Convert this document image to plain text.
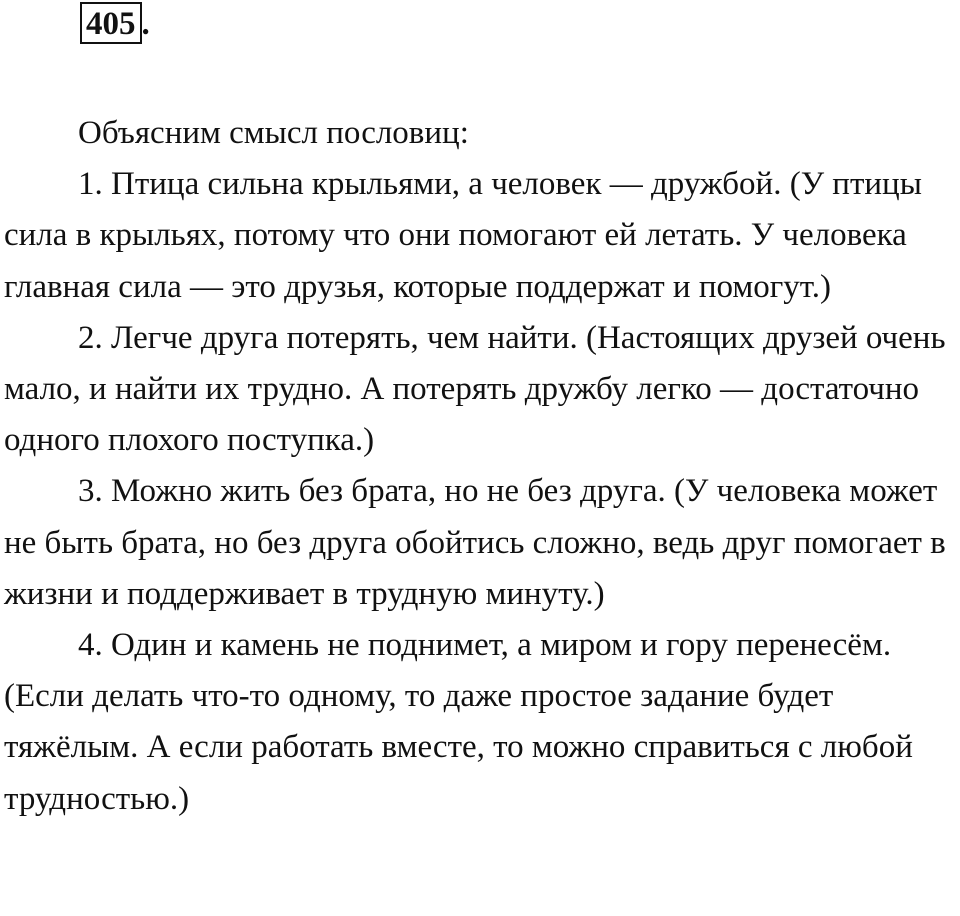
405 .

Объясним смысл пословиц:

1. Птица сильна крыльями, а человек — дружбой. (У птицы сила в крыльях, потому что они помогают ей летать. У человека главная сила — это друзья, которые поддержат и помогут.)

2. Легче друга потерять, чем найти. (Настоящих друзей очень мало, и найти их трудно. А потерять дружбу легко — достаточно одного плохого поступка.)

3. Можно жить без брата, но не без друга. (У человека может не быть брата, но без друга обойтись сложно, ведь друг помогает в жизни и поддерживает в трудную минуту.)

4. Один и камень не поднимет, а миром и гору перенесём. (Если делать что-то одному, то даже простое задание будет тяжёлым. А если работать вместе, то можно справиться с любой трудностью.)
